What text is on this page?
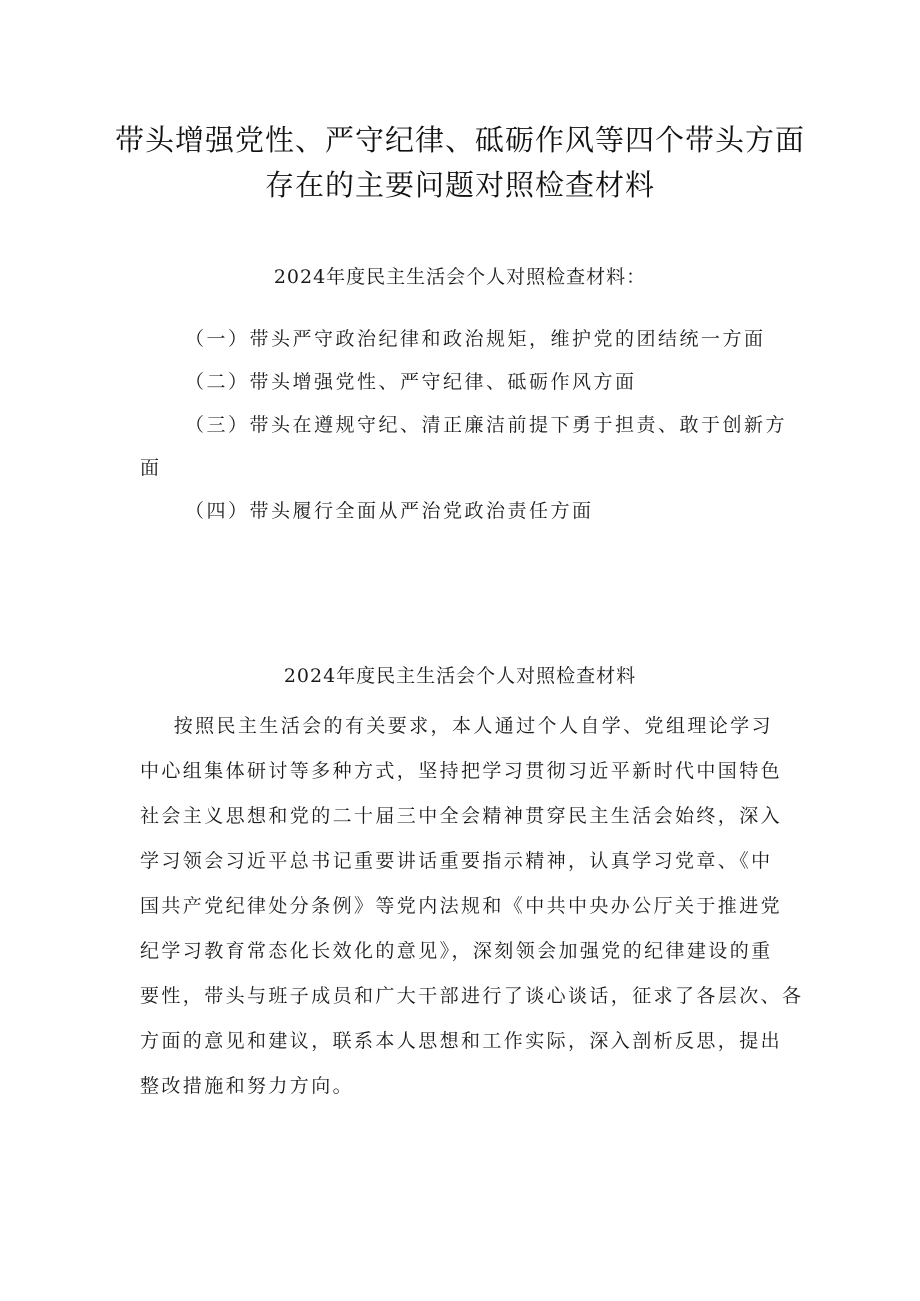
带头增强党性、严守纪律、砥砺作风等四个带头方面
存在的主要问题对照检查材料
2024年度民主生活会个人对照检查材料：
（一）带头严守政治纪律和政治规矩，维护党的团结统一方面
（二）带头增强党性、严守纪律、砥砺作风方面
（三）带头在遵规守纪、清正廉洁前提下勇于担责、敢于创新方
面
（四）带头履行全面从严治党政治责任方面
2024年度民主生活会个人对照检查材料
按照民主生活会的有关要求，本人通过个人自学、党组理论学习
中心组集体研讨等多种方式，坚持把学习贯彻习近平新时代中国特色
社会主义思想和党的二十届三中全会精神贯穿民主生活会始终，深入
学习领会习近平总书记重要讲话重要指示精神，认真学习党章、《中
国共产党纪律处分条例》等党内法规和《中共中央办公厅关于推进党
纪学习教育常态化长效化的意见》，深刻领会加强党的纪律建设的重
要性，带头与班子成员和广大干部进行了谈心谈话，征求了各层次、各
方面的意见和建议，联系本人思想和工作实际，深入剖析反思，提出
整改措施和努力方向。
